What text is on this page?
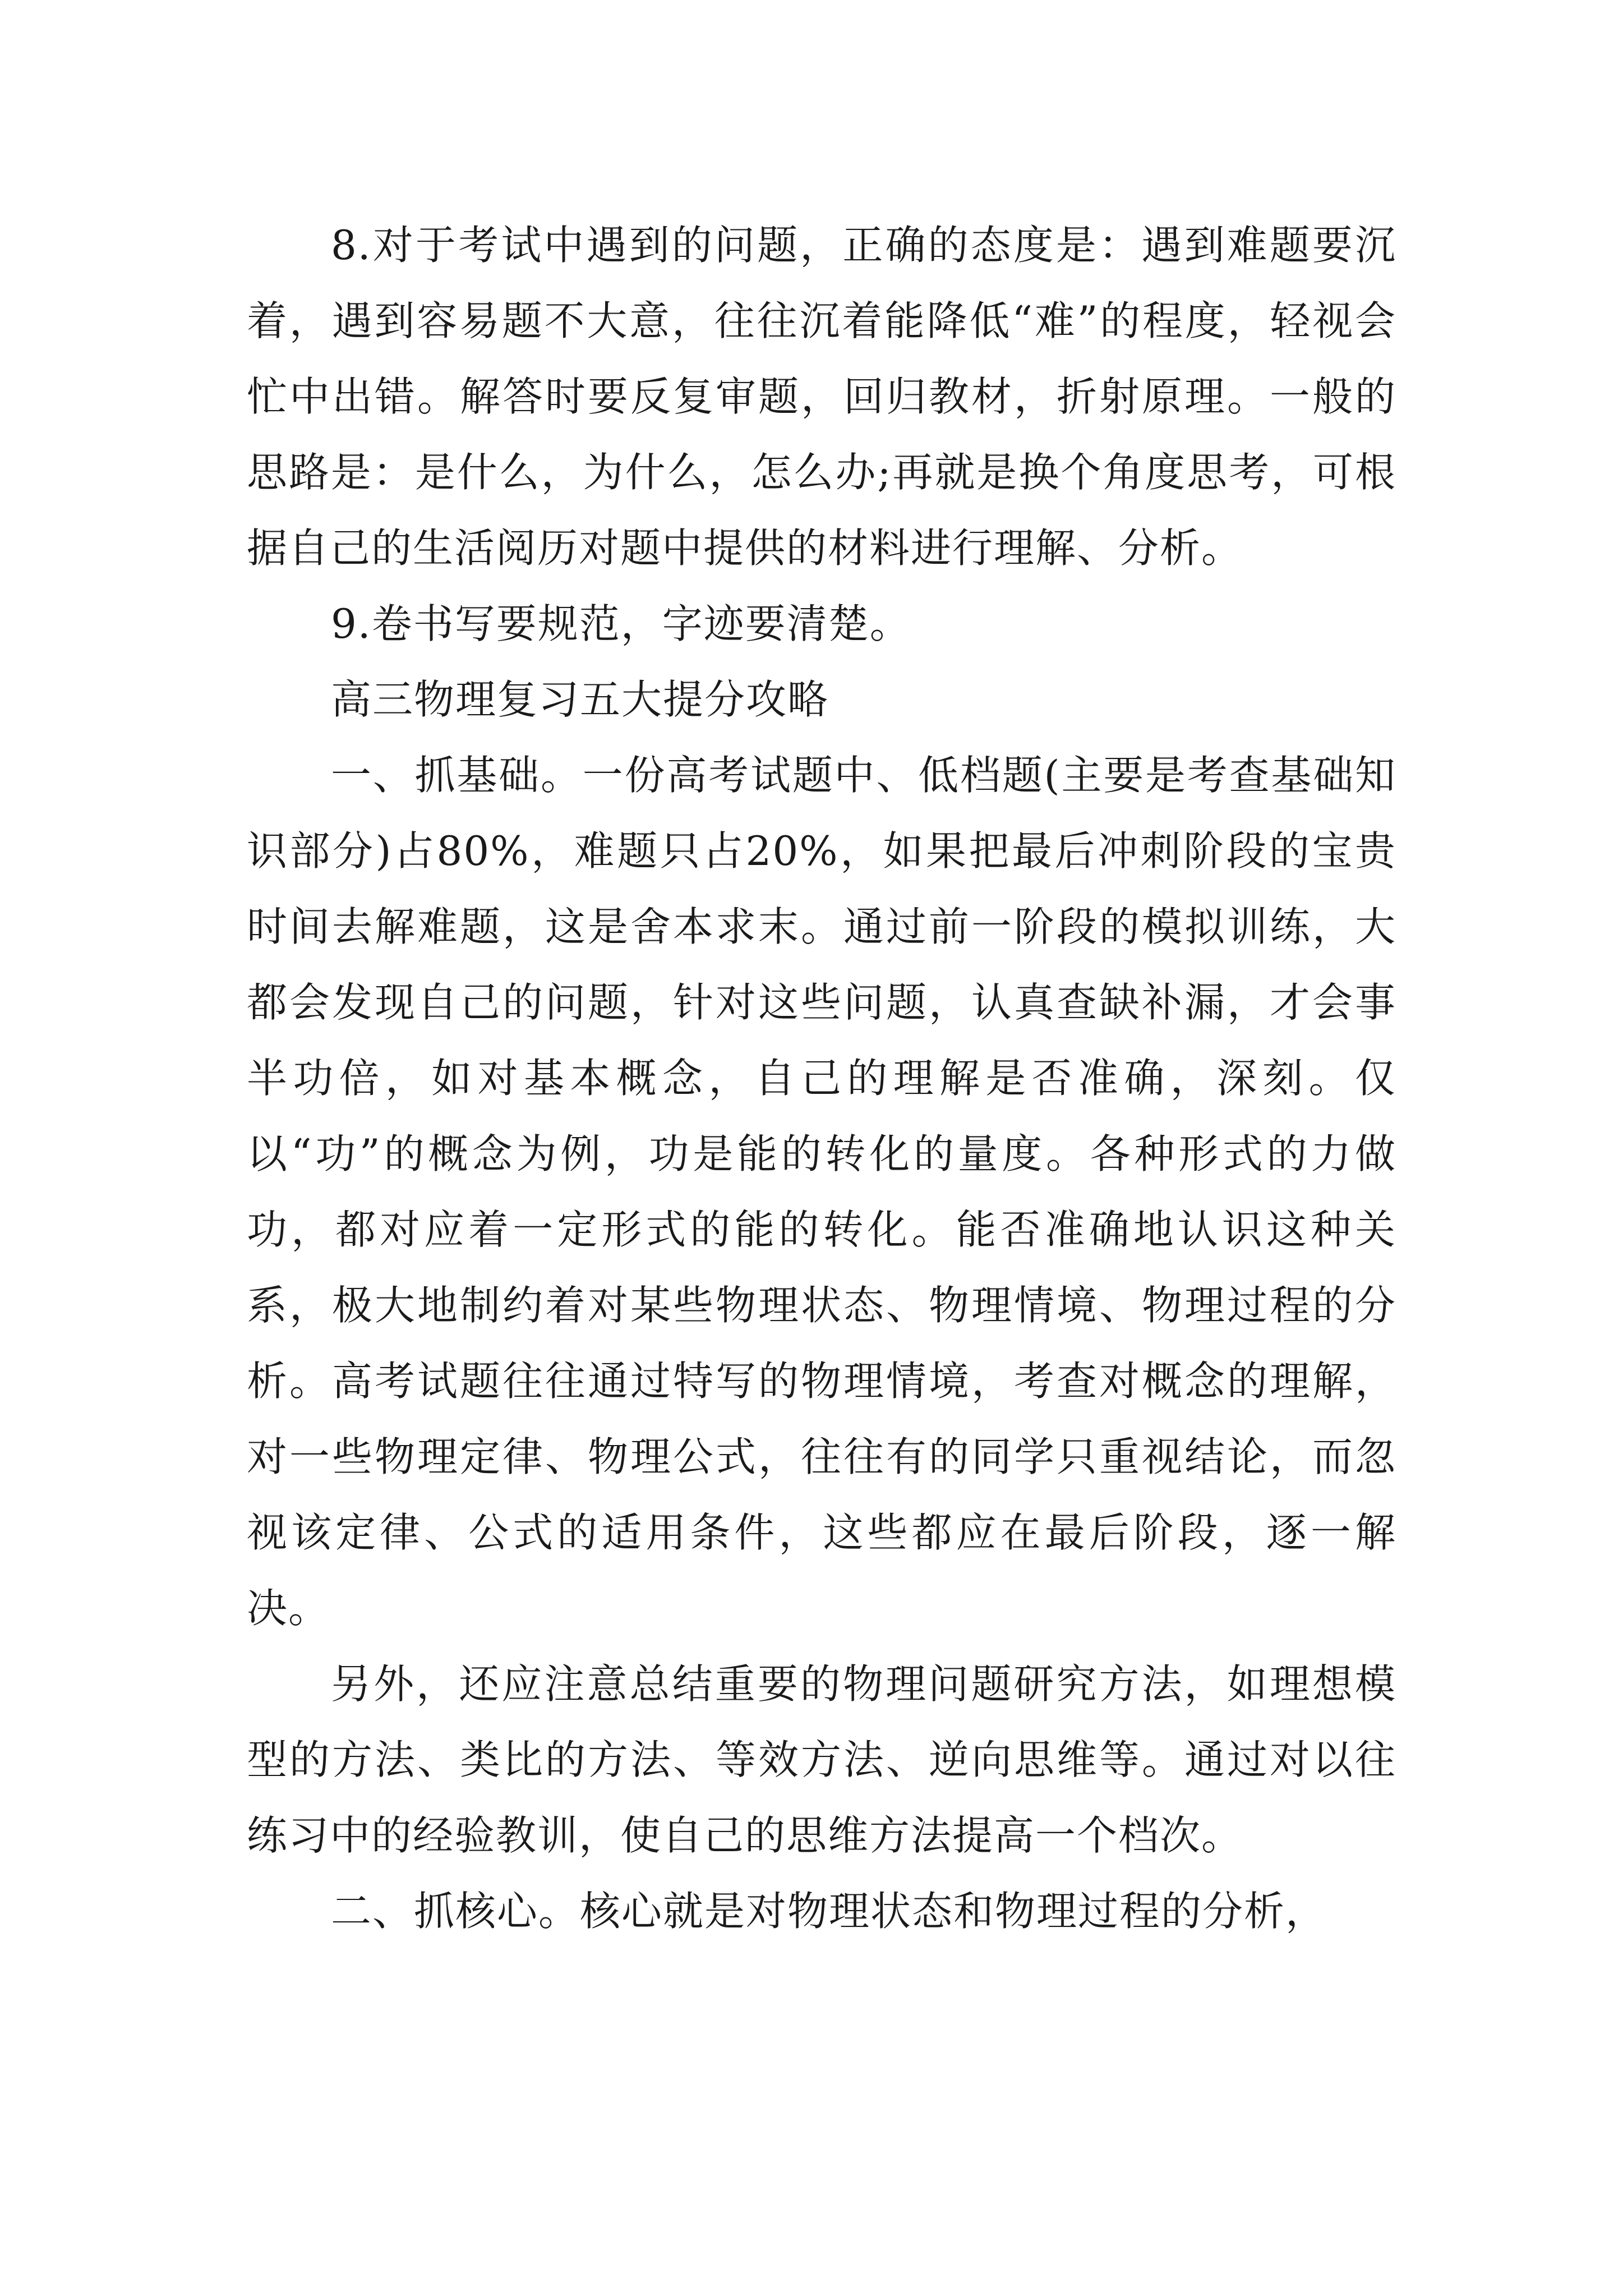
8.对于考试中遇到的问题，正确的态度是：遇到难题要沉着，遇到容易题不大意，往往沉着能降低“难”的程度，轻视会忙中出错。解答时要反复审题，回归教材，折射原理。一般的思路是：是什么，为什么，怎么办;再就是换个角度思考，可根据自己的生活阅历对题中提供的材料进行理解、分析。

9.卷书写要规范，字迹要清楚。

高三物理复习五大提分攻略

一、抓基础。一份高考试题中、低档题(主要是考查基础知识部分)占80%，难题只占20%，如果把最后冲刺阶段的宝贵时间去解难题，这是舍本求末。通过前一阶段的模拟训练，大都会发现自己的问题，针对这些问题，认真查缺补漏，才会事半功倍，如对基本概念，自己的理解是否准确，深刻。仅以“功”的概念为例，功是能的转化的量度。各种形式的力做功，都对应着一定形式的能的转化。能否准确地认识这种关系，极大地制约着对某些物理状态、物理情境、物理过程的分析。高考试题往往通过特写的物理情境，考查对概念的理解，对一些物理定律、物理公式，往往有的同学只重视结论，而忽视该定律、公式的适用条件，这些都应在最后阶段，逐一解决。

另外，还应注意总结重要的物理问题研究方法，如理想模型的方法、类比的方法、等效方法、逆向思维等。通过对以往练习中的经验教训，使自己的思维方法提高一个档次。

二、抓核心。核心就是对物理状态和物理过程的分析，
